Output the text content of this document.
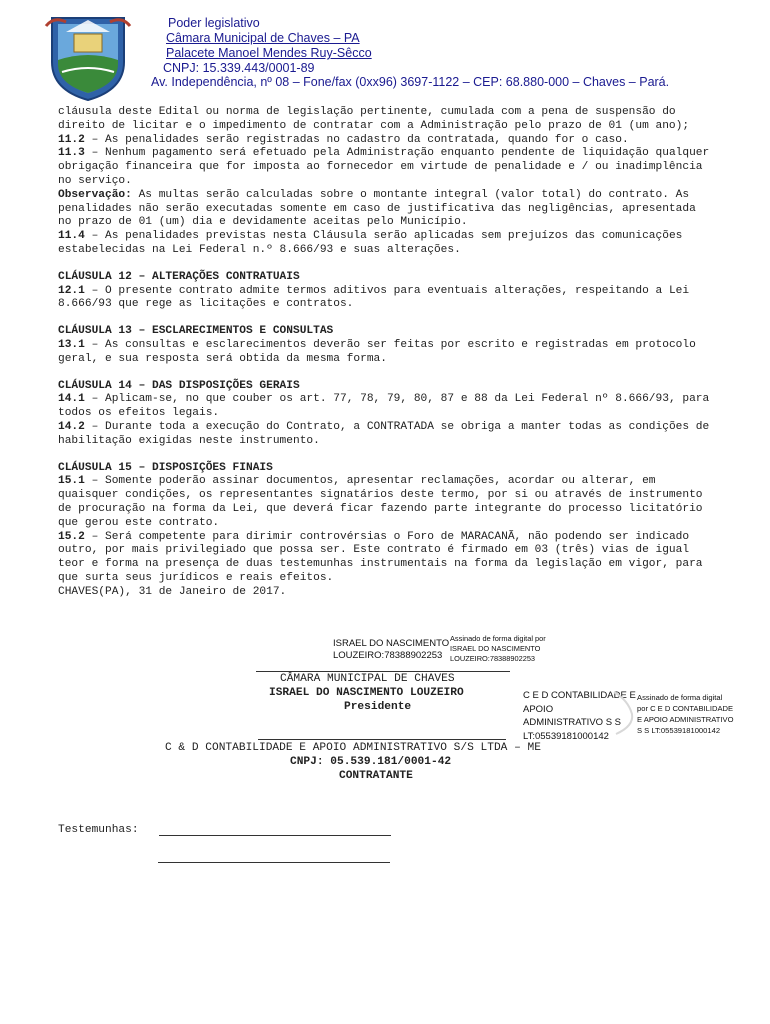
Poder legislativo
Câmara Municipal de Chaves – PA
Palacete Manoel Mendes Ruy-Sêcco
CNPJ: 15.339.443/0001-89
Av. Independência, nº 08 – Fone/fax (0xx96) 3697-1122 – CEP: 68.880-000 – Chaves – Pará.

cláusula deste Edital ou norma de legislação pertinente, cumulada com a pena de suspensão do direito de licitar e o impedimento de contratar com a Administração pelo prazo de 01 (um ano);

11.2 – As penalidades serão registradas no cadastro da contratada, quando for o caso.

11.3 – Nenhum pagamento será efetuado pela Administração enquanto pendente de liquidação qualquer obrigação financeira que for imposta ao fornecedor em virtude de penalidade e / ou inadimplência no serviço.

Observação: As multas serão calculadas sobre o montante integral (valor total) do contrato. As penalidades não serão executadas somente em caso de justificativa das negligências, apresentada no prazo de 01 (um) dia e devidamente aceitas pelo Município.

11.4 – As penalidades previstas nesta Cláusula serão aplicadas sem prejuízos das comunicações estabelecidas na Lei Federal n.º 8.666/93 e suas alterações.

CLÁUSULA 12 – ALTERAÇÕES CONTRATUAIS

12.1 – O presente contrato admite termos aditivos para eventuais alterações, respeitando a Lei 8.666/93 que rege as licitações e contratos.

CLÁUSULA 13 – ESCLARECIMENTOS E CONSULTAS

13.1 – As consultas e esclarecimentos deverão ser feitas por escrito e registradas em protocolo geral, e sua resposta será obtida da mesma forma.

CLÁUSULA 14 – DAS DISPOSIÇÕES GERAIS

14.1 – Aplicam-se, no que couber os art. 77, 78, 79, 80, 87 e 88 da Lei Federal nº 8.666/93, para todos os efeitos legais.

14.2 – Durante toda a execução do Contrato, a CONTRATADA se obriga a manter todas as condições de habilitação exigidas neste instrumento.

CLÁUSULA 15 – DISPOSIÇÕES FINAIS

15.1 – Somente poderão assinar documentos, apresentar reclamações, acordar ou alterar, em quaisquer condições, os representantes signatários deste termo, por si ou através de instrumento de procuração na forma da Lei, que deverá ficar fazendo parte integrante do processo licitatório que gerou este contrato.

15.2 – Será competente para dirimir controvérsias o Foro de MARACANÃ, não podendo ser indicado outro, por mais privilegiado que possa ser. Este contrato é firmado em 03 (três) vias de igual teor e forma na presença de duas testemunhas instrumentais na forma da legislação em vigor, para que surta seus jurídicos e reais efeitos.

CHAVES(PA), 31 de Janeiro de 2017.

ISRAEL DO NASCIMENTO
LOUZEIRO:78388902253
Assinado de forma digital por
ISRAEL DO NASCIMENTO
LOUZEIRO:78388902253
CÂMARA MUNICIPAL DE CHAVES
ISRAEL DO NASCIMENTO LOUZEIRO
Presidente
C E D CONTABILIDADE E
APOIO
ADMINISTRATIVO S S
LT:05539181000142
Assinado de forma digital
por C E D CONTABILIDADE
E APOIO ADMINISTRATIVO
S S LT:05539181000142
C & D CONTABILIDADE E APOIO ADMINISTRATIVO S/S LTDA – ME
CNPJ: 05.539.181/0001-42
CONTRATANTE
Testemunhas:
